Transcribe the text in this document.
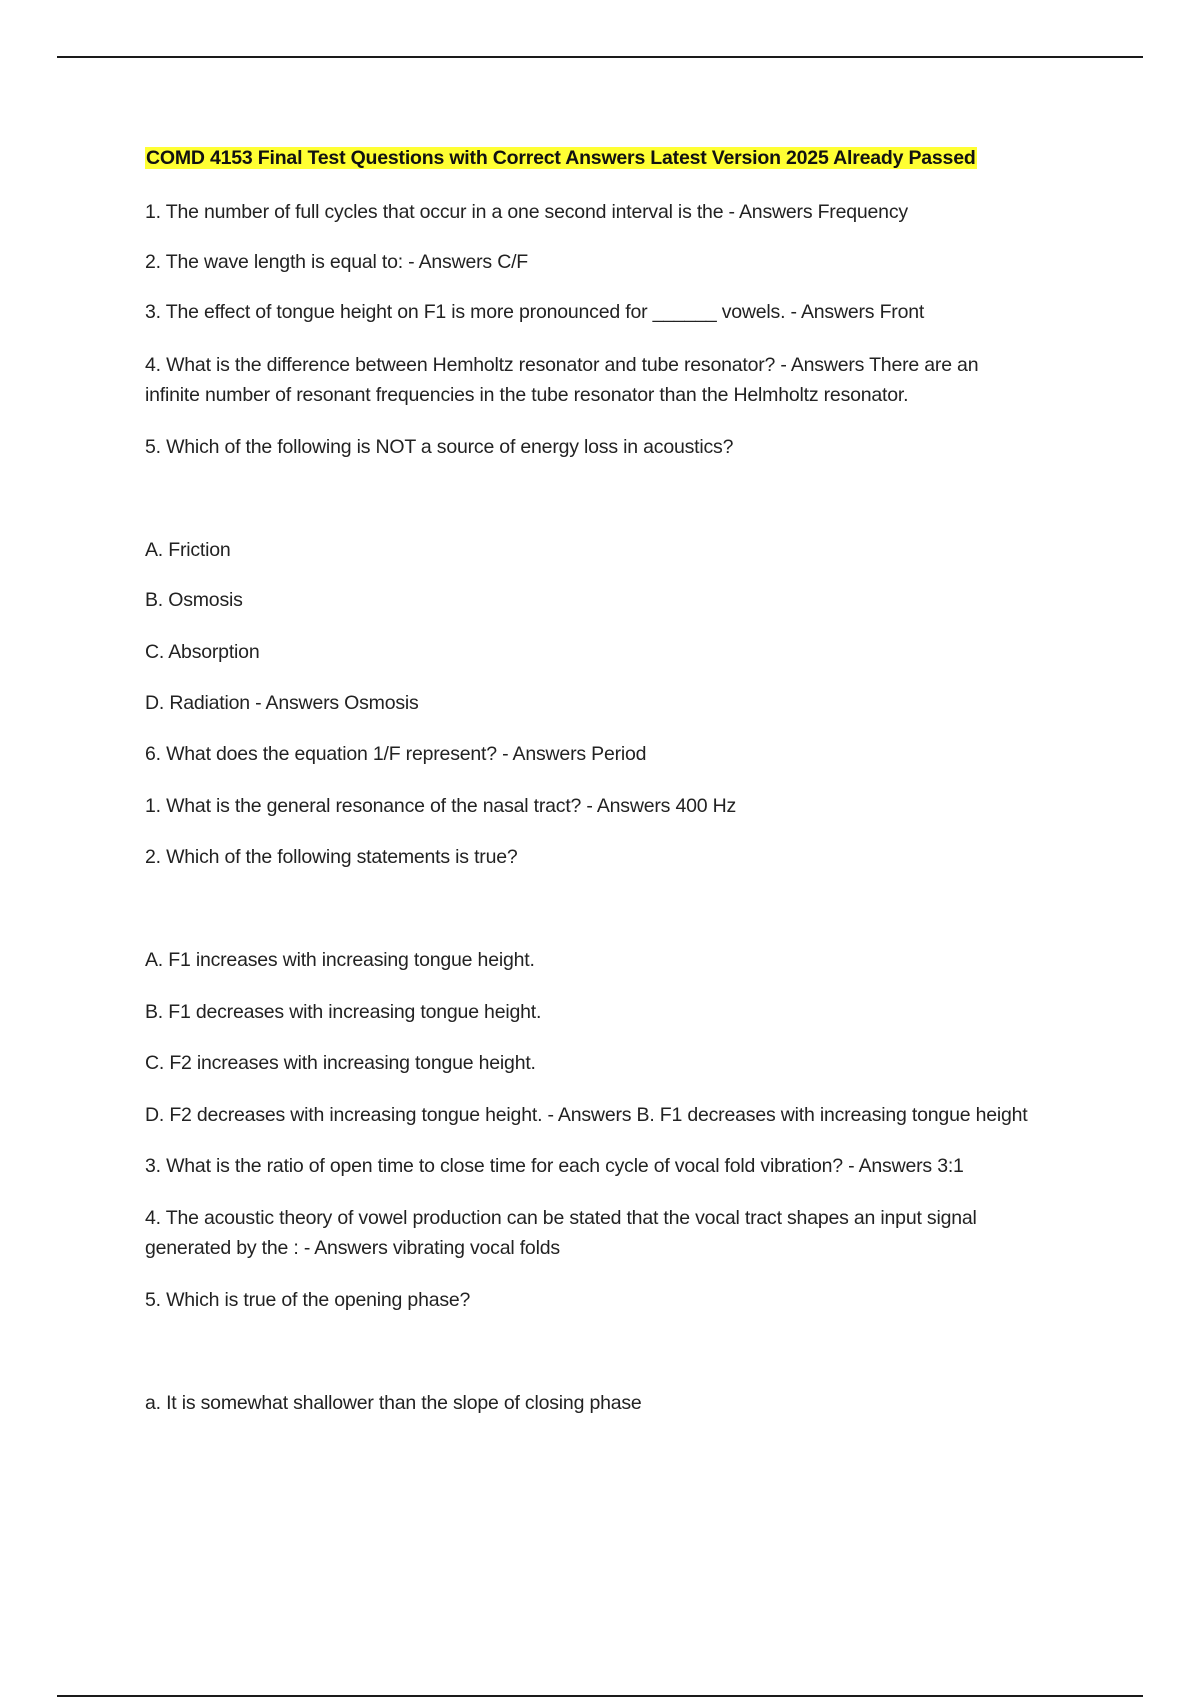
COMD 4153 Final Test Questions with Correct Answers Latest Version 2025 Already Passed
1. The number of full cycles that occur in a one second interval is the - Answers Frequency
2. The wave length is equal to: - Answers C/F
3. The effect of tongue height on F1 is more pronounced for ______ vowels. - Answers Front
4. What is the difference between Hemholtz resonator and tube resonator? - Answers There are an
infinite number of resonant frequencies in the tube resonator than the Helmholtz resonator.
5. Which of the following is NOT a source of energy loss in acoustics?
A. Friction
B. Osmosis
C. Absorption
D. Radiation - Answers Osmosis
6. What does the equation 1/F represent? - Answers Period
1. What is the general resonance of the nasal tract? - Answers 400 Hz
2. Which of the following statements is true?
A. F1 increases with increasing tongue height.
B. F1 decreases with increasing tongue height.
C. F2 increases with increasing tongue height.
D. F2 decreases with increasing tongue height. - Answers B. F1 decreases with increasing tongue height
3. What is the ratio of open time to close time for each cycle of vocal fold vibration? - Answers 3:1
4. The acoustic theory of vowel production can be stated that the vocal tract shapes an input signal
generated by the : - Answers vibrating vocal folds
5. Which is true of the opening phase?
a. It is somewhat shallower than the slope of closing phase
